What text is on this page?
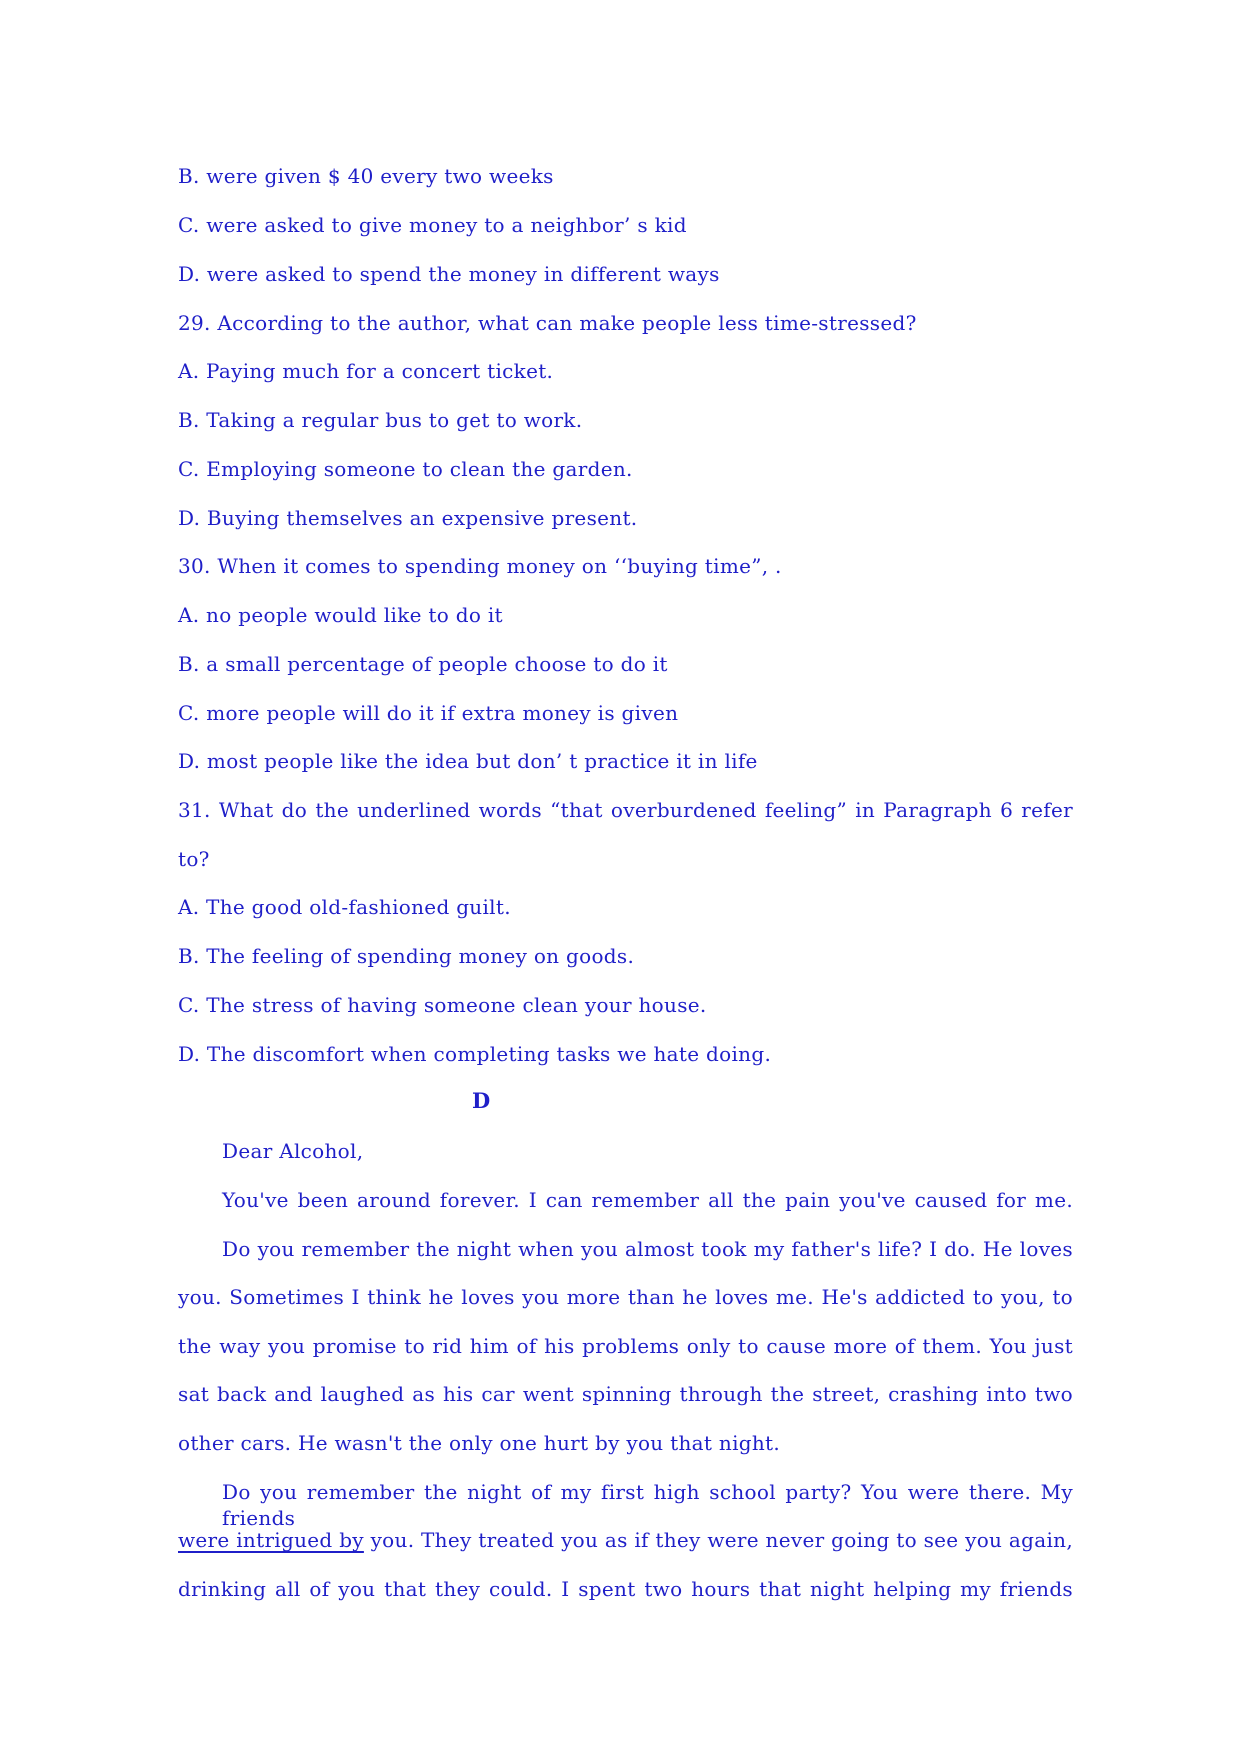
B. were given $ 40 every two weeks
C. were asked to give money to a neighbor’ s kid
D. were asked to spend the money in different ways
29. According to the author, what can make people less time-stressed?
A. Paying much for a concert ticket.
B. Taking a regular bus to get to work.
C. Employing someone to clean the garden.
D. Buying themselves an expensive present.
30. When it comes to spending money on ‘‘buying time”, .
A. no people would like to do it
B. a small percentage of people choose to do it
C. more people will do it if extra money is given
D. most people like the idea but don’ t practice it in life
31. What do the underlined words “that overburdened feeling” in Paragraph 6 refer
to?
A. The good old-fashioned guilt.
B. The feeling of spending money on goods.
C. The stress of having someone clean your house.
D. The discomfort when completing tasks we hate doing.
D
Dear Alcohol,
You've been around forever. I can remember all the pain you've caused for me.
Do you remember the night when you almost took my father's life? I do. He loves
you. Sometimes I think he loves you more than he loves me. He's addicted to you, to
the way you promise to rid him of his problems only to cause more of them. You just
sat back and laughed as his car went spinning through the street, crashing into two
other cars. He wasn't the only one hurt by you that night.
Do you remember the night of my first high school party? You were there. My friends
were intrigued by you. They treated you as if they were never going to see you again,
drinking all of you that they could. I spent two hours that night helping my friends
